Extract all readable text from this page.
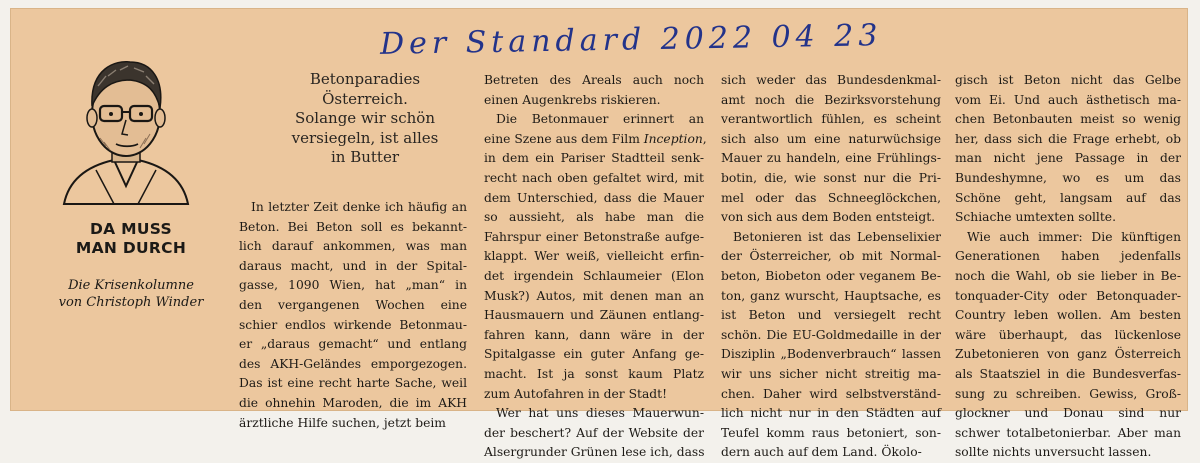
Der Standard 2022 04 23
DA MUSS
MAN DURCH
Die Krisenkolumne
von Christoph Winder
Betonparadies
Österreich.
Solange wir schön
versiegeln, ist alles
in Butter
In letzter Zeit denke ich häufig an
Beton. Bei Beton soll es bekannt-
lich darauf ankommen, was man
daraus macht, und in der Spital-
gasse, 1090 Wien, hat „man“ in
den vergangenen Wochen eine
schier endlos wirkende Betonmau-
er „daraus gemacht“ und entlang
des AKH-Geländes emporgezogen.
Das ist eine recht harte Sache, weil
die ohnehin Maroden, die im AKH
ärztliche Hilfe suchen, jetzt beim
Betreten des Areals auch noch
einen Augenkrebs riskieren.
Die Betonmauer erinnert an
eine Szene aus dem Film Inception,
in dem ein Pariser Stadtteil senk-
recht nach oben gefaltet wird, mit
dem Unterschied, dass die Mauer
so aussieht, als habe man die
Fahrspur einer Betonstraße aufge-
klappt. Wer weiß, vielleicht erfin-
det irgendein Schlaumeier (Elon
Musk?) Autos, mit denen man an
Hausmauern und Zäunen entlang-
fahren kann, dann wäre in der
Spitalgasse ein guter Anfang ge-
macht. Ist ja sonst kaum Platz
zum Autofahren in der Stadt!
Wer hat uns dieses Mauerwun-
der beschert? Auf der Website der
Alsergrunder Grünen lese ich, dass
sich weder das Bundesdenkmal-
amt noch die Bezirksvorstehung
verantwortlich fühlen, es scheint
sich also um eine naturwüchsige
Mauer zu handeln, eine Frühlings-
botin, die, wie sonst nur die Pri-
mel oder das Schneeglöckchen,
von sich aus dem Boden entsteigt.
Betonieren ist das Lebenselixier
der Österreicher, ob mit Normal-
beton, Biobeton oder veganem Be-
ton, ganz wurscht, Hauptsache, es
ist Beton und versiegelt recht
schön. Die EU-Goldmedaille in der
Disziplin „Bodenverbrauch“ lassen
wir uns sicher nicht streitig ma-
chen. Daher wird selbstverständ-
lich nicht nur in den Städten auf
Teufel komm raus betoniert, son-
dern auch auf dem Land. Ökolo-
gisch ist Beton nicht das Gelbe
vom Ei. Und auch ästhetisch ma-
chen Betonbauten meist so wenig
her, dass sich die Frage erhebt, ob
man nicht jene Passage in der
Bundeshymne, wo es um das
Schöne geht, langsam auf das
Schiache umtexten sollte.
Wie auch immer: Die künftigen
Generationen haben jedenfalls
noch die Wahl, ob sie lieber in Be-
tonquader-City oder Betonquader-
Country leben wollen. Am besten
wäre überhaupt, das lückenlose
Zubetonieren von ganz Österreich
als Staatsziel in die Bundesverfas-
sung zu schreiben. Gewiss, Groß-
glockner und Donau sind nur
schwer totalbetonierbar. Aber man
sollte nichts unversucht lassen.
